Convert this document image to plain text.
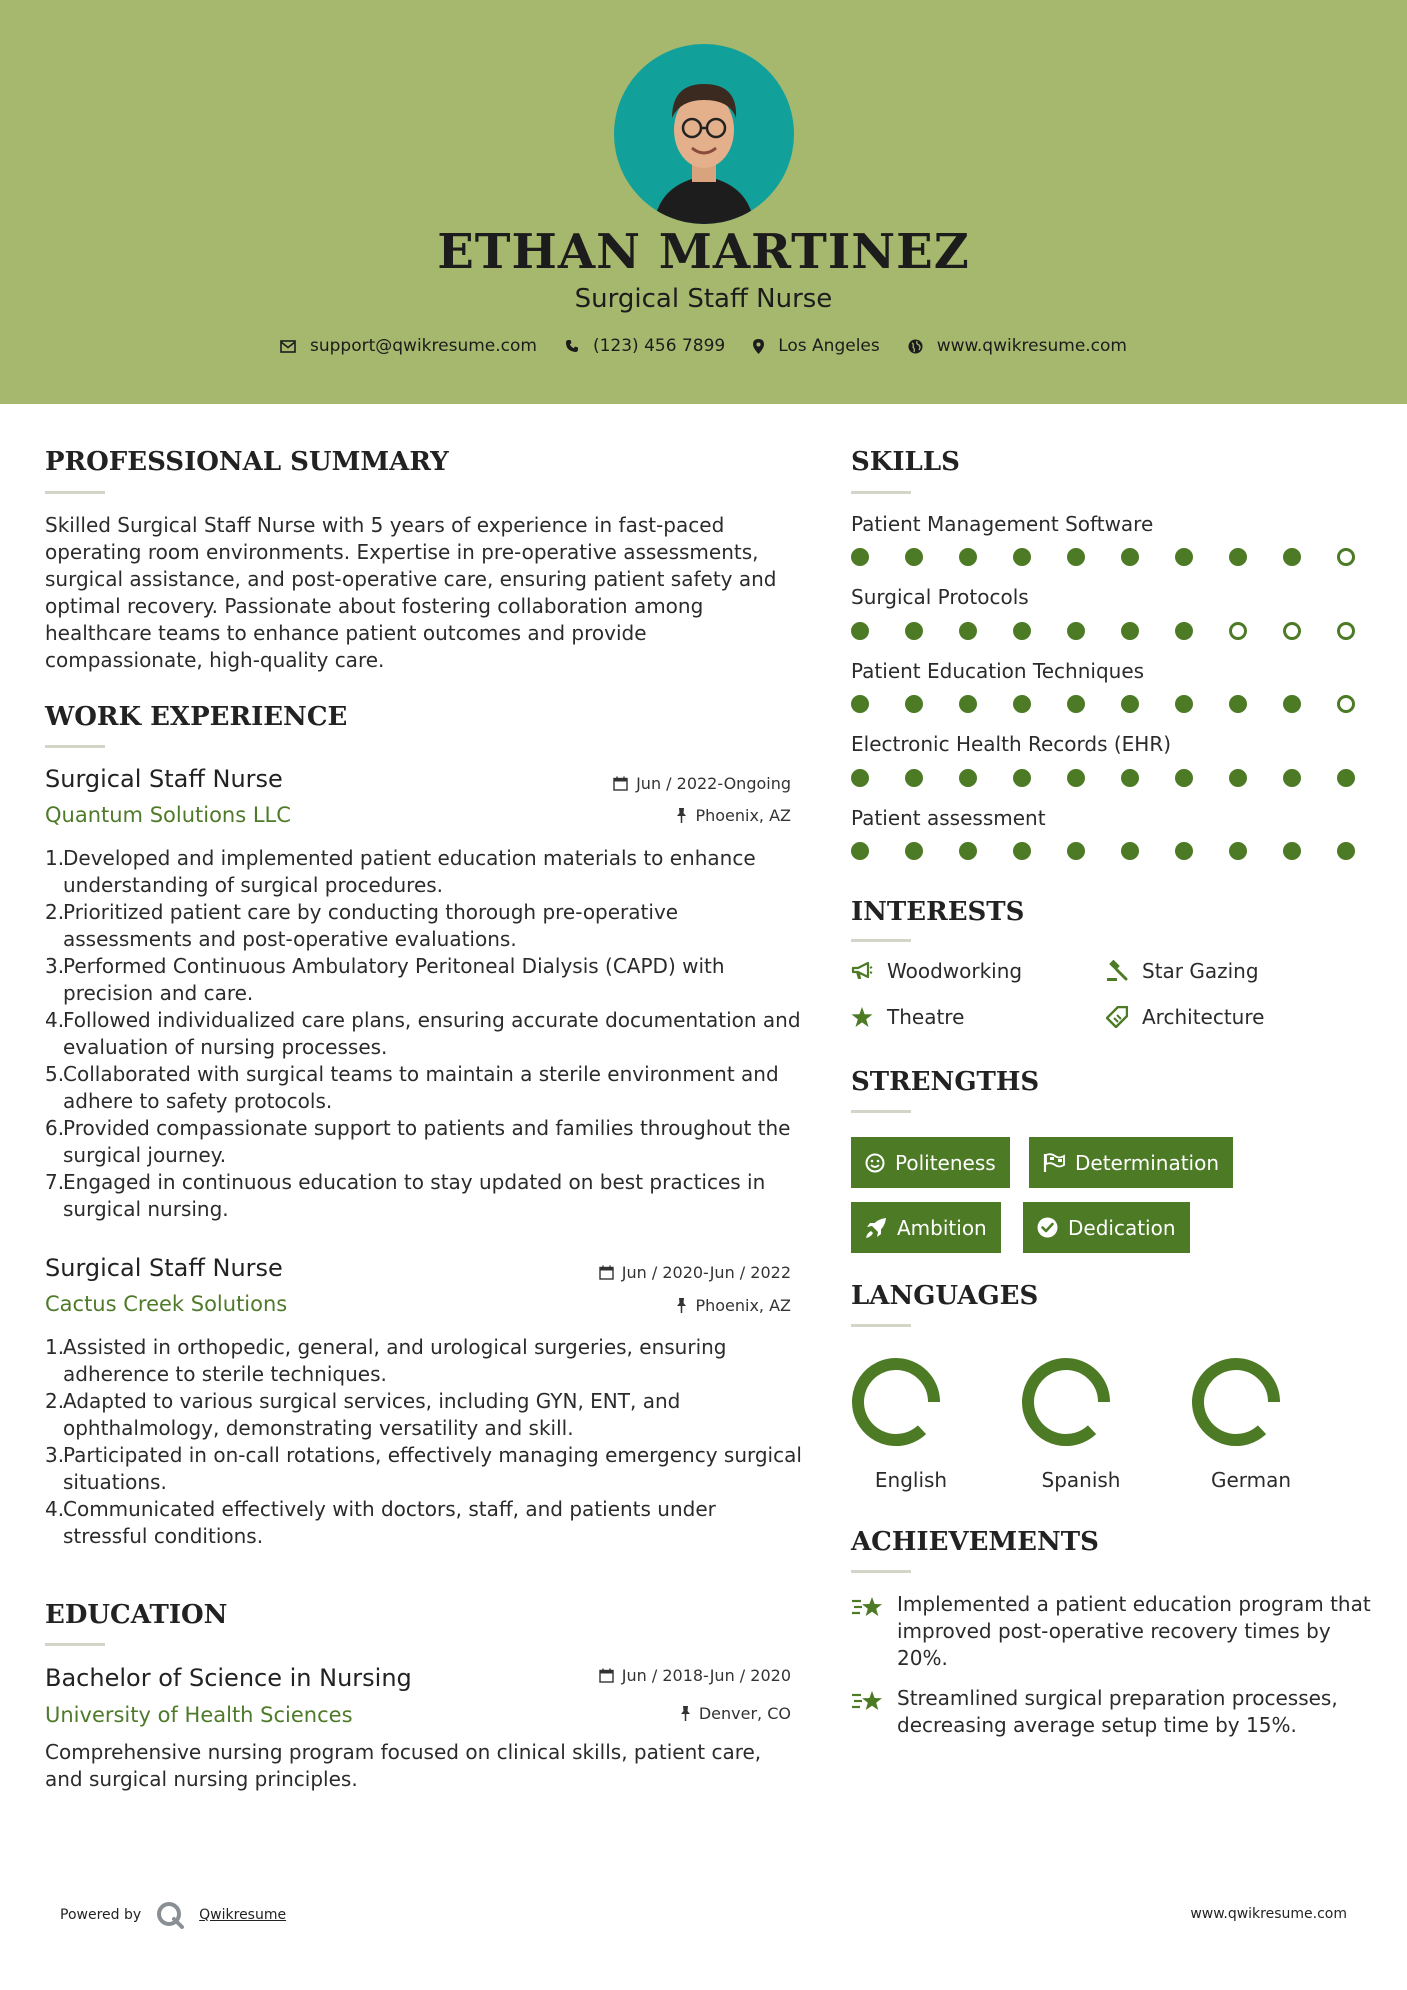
ETHAN MARTINEZ
Surgical Staff Nurse
support@qwikresume.com	(123) 456 7899	Los Angeles	www.qwikresume.com
PROFESSIONAL SUMMARY
Skilled Surgical Staff Nurse with 5 years of experience in fast-paced operating room environments. Expertise in pre-operative assessments, surgical assistance, and post-operative care, ensuring patient safety and optimal recovery. Passionate about fostering collaboration among healthcare teams to enhance patient outcomes and provide compassionate, high-quality care.
WORK EXPERIENCE
Surgical Staff Nurse
Quantum Solutions LLC
Jun / 2022-Ongoing
Phoenix, AZ
1.
Developed and implemented patient education materials to enhance understanding of surgical procedures.
2.
Prioritized patient care by conducting thorough pre-operative assessments and post-operative evaluations.
3.
Performed Continuous Ambulatory Peritoneal Dialysis (CAPD) with precision and care.
4.
Followed individualized care plans, ensuring accurate documentation and evaluation of nursing processes.
5.
Collaborated with surgical teams to maintain a sterile environment and adhere to safety protocols.
6.
Provided compassionate support to patients and families throughout the surgical journey.
7.
Engaged in continuous education to stay updated on best practices in surgical nursing.
Surgical Staff Nurse
Cactus Creek Solutions
Jun / 2020-Jun / 2022
Phoenix, AZ
1.
Assisted in orthopedic, general, and urological surgeries, ensuring adherence to sterile techniques.
2.
Adapted to various surgical services, including GYN, ENT, and ophthalmology, demonstrating versatility and skill.
3.
Participated in on-call rotations, effectively managing emergency surgical situations.
4.
Communicated effectively with doctors, staff, and patients under stressful conditions.
EDUCATION
Bachelor of Science in Nursing
University of Health Sciences
Jun / 2018-Jun / 2020
Denver, CO
Comprehensive nursing program focused on clinical skills, patient care, and surgical nursing principles.
SKILLS
Patient Management Software
Surgical Protocols
Patient Education Techniques
Electronic Health Records (EHR)
Patient assessment
INTERESTS
Woodworking	Star Gazing
Theatre	Architecture
STRENGTHS
Politeness	Determination
Ambition	Dedication
LANGUAGES
English	Spanish	German
ACHIEVEMENTS
Implemented a patient education program that improved post-operative recovery times by 20%.
Streamlined surgical preparation processes, decreasing average setup time by 15%.
Powered by	Qwikresume	www.qwikresume.com
